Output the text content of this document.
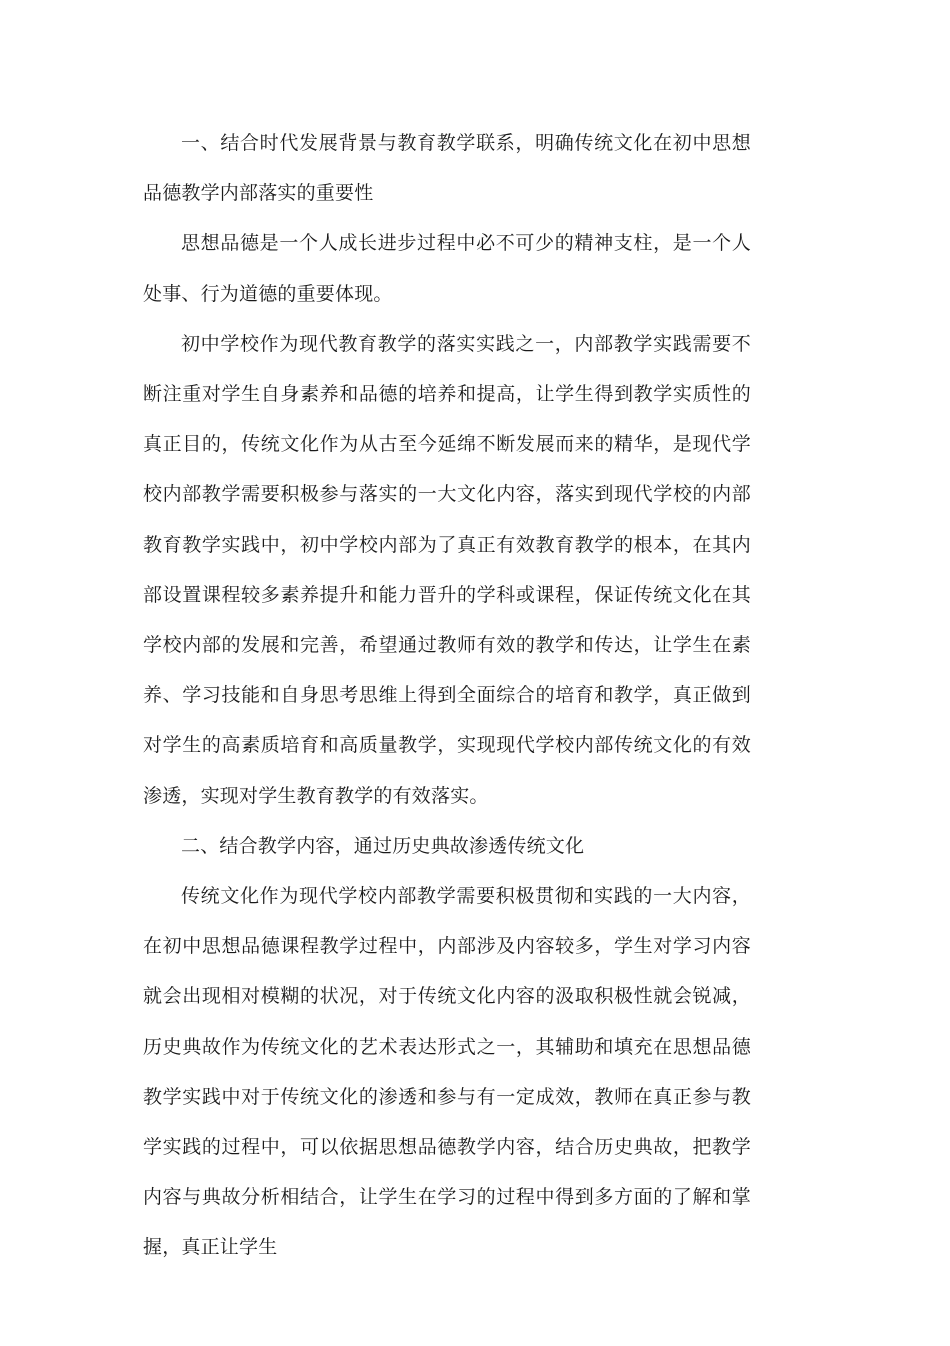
一、结合时代发展背景与教育教学联系，明确传统文化在初中思想品德教学内部落实的重要性

思想品德是一个人成长进步过程中必不可少的精神支柱，是一个人处事、行为道德的重要体现。

初中学校作为现代教育教学的落实实践之一，内部教学实践需要不断注重对学生自身素养和品德的培养和提高，让学生得到教学实质性的真正目的，传统文化作为从古至今延绵不断发展而来的精华，是现代学校内部教学需要积极参与落实的一大文化内容，落实到现代学校的内部教育教学实践中，初中学校内部为了真正有效教育教学的根本，在其内部设置课程较多素养提升和能力晋升的学科或课程，保证传统文化在其学校内部的发展和完善，希望通过教师有效的教学和传达，让学生在素养、学习技能和自身思考思维上得到全面综合的培育和教学，真正做到对学生的高素质培育和高质量教学，实现现代学校内部传统文化的有效渗透，实现对学生教育教学的有效落实。

二、结合教学内容，通过历史典故渗透传统文化

传统文化作为现代学校内部教学需要积极贯彻和实践的一大内容，在初中思想品德课程教学过程中，内部涉及内容较多，学生对学习内容就会出现相对模糊的状况，对于传统文化内容的汲取积极性就会锐减，历史典故作为传统文化的艺术表达形式之一，其辅助和填充在思想品德教学实践中对于传统文化的渗透和参与有一定成效，教师在真正参与教学实践的过程中，可以依据思想品德教学内容，结合历史典故，把教学内容与典故分析相结合，让学生在学习的过程中得到多方面的了解和掌握，真正让学生
